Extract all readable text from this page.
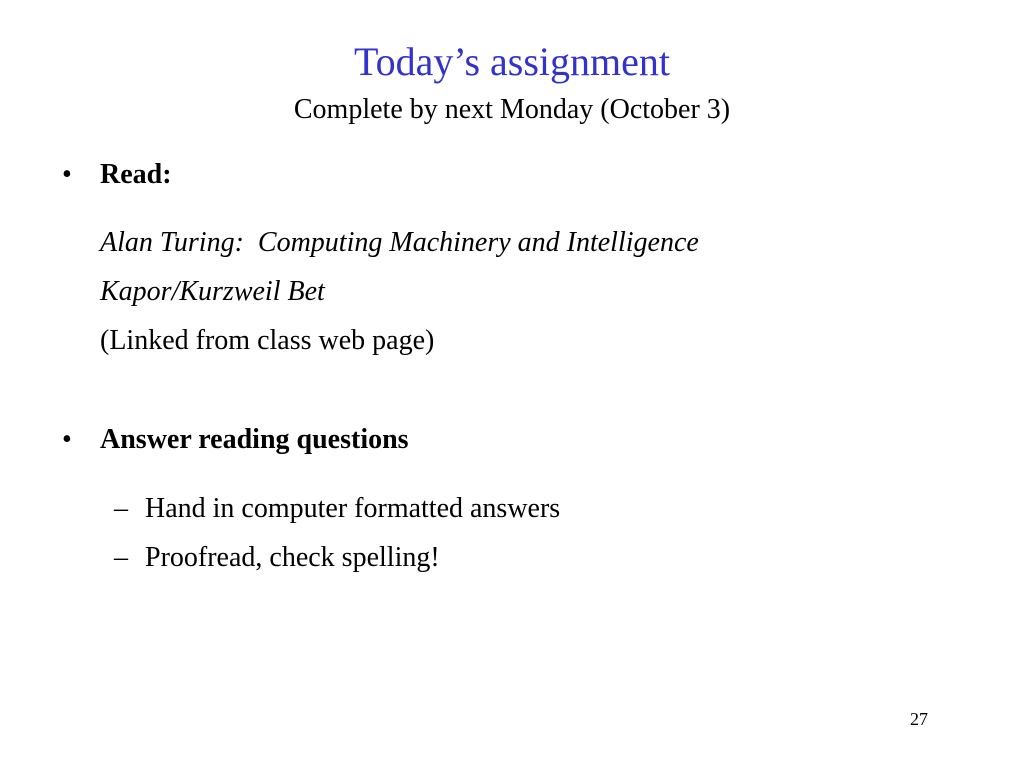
Today’s assignment
Complete by next Monday (October 3)
• Read:
Alan Turing:  Computing Machinery and Intelligence
Kapor/Kurzweil Bet
(Linked from class web page)
• Answer reading questions
– Hand in computer formatted answers
– Proofread, check spelling!
27
